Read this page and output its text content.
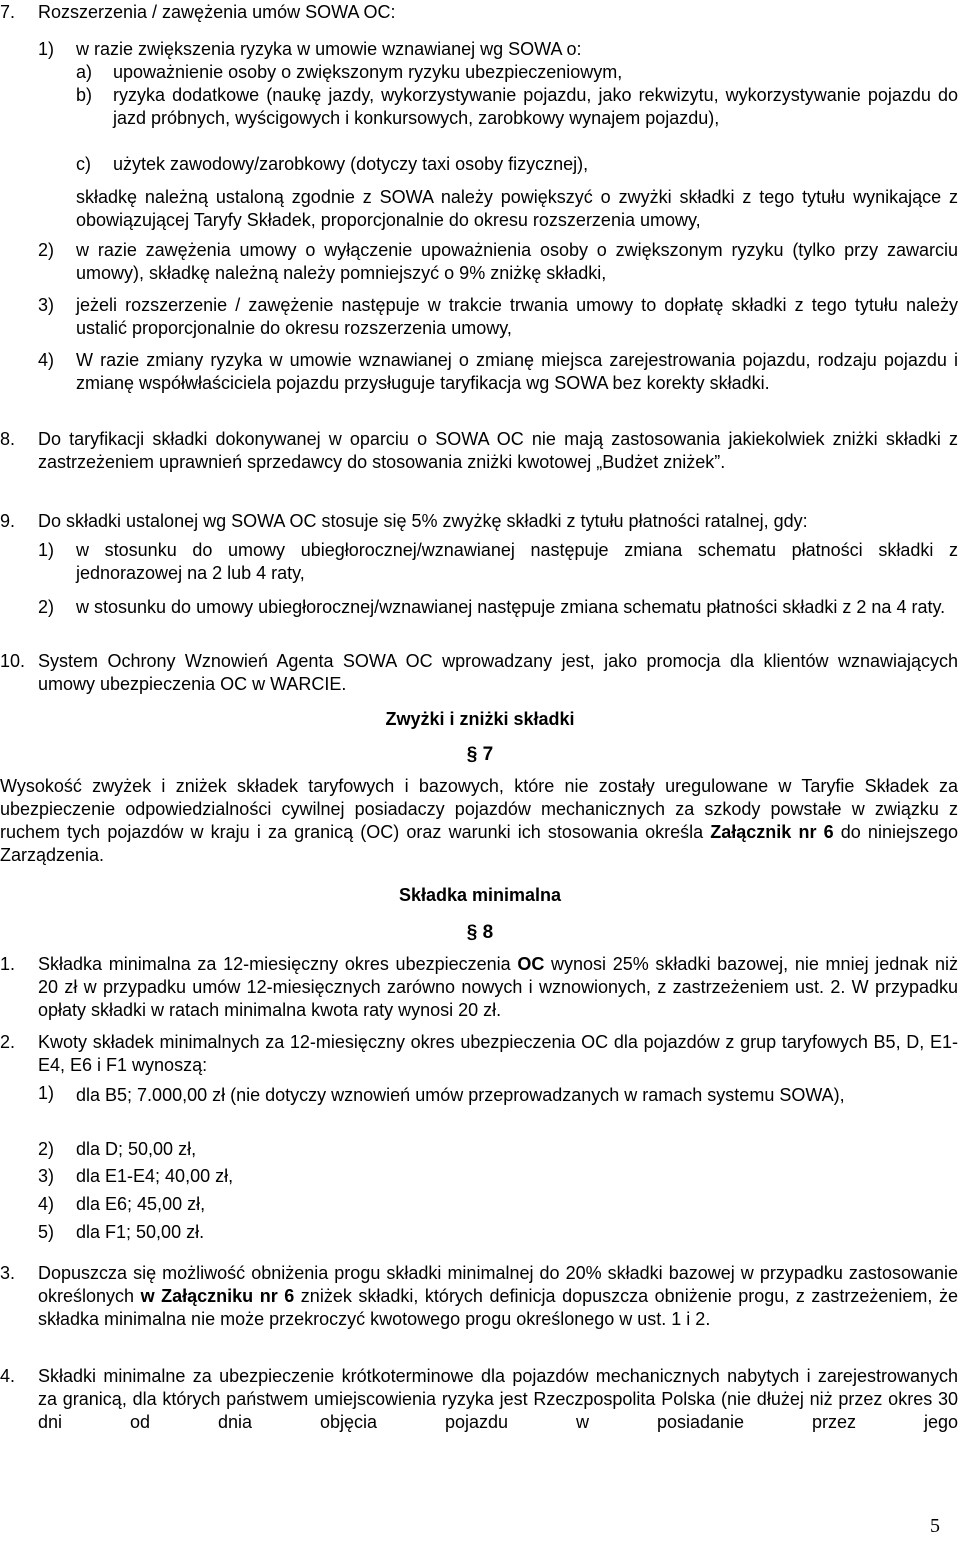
7. Rozszerzenia / zawężenia umów SOWA OC:

1) w razie zwiększenia ryzyka w umowie wznawianej wg SOWA o:

a) upoważnienie osoby o zwiększonym ryzyku ubezpieczeniowym,

b) ryzyka dodatkowe (naukę jazdy, wykorzystywanie pojazdu, jako rekwizytu, wykorzystywanie pojazdu do jazd próbnych, wyścigowych i konkursowych, zarobkowy wynajem pojazdu),

c) użytek zawodowy/zarobkowy (dotyczy taxi osoby fizycznej),

składkę należną ustaloną zgodnie z SOWA należy powiększyć o zwyżki składki z tego tytułu wynikające z obowiązującej Taryfy Składek, proporcjonalnie do okresu rozszerzenia umowy,

2) w razie zawężenia umowy o wyłączenie upoważnienia osoby o zwiększonym ryzyku (tylko przy zawarciu umowy), składkę należną należy pomniejszyć o 9% zniżkę składki,

3) jeżeli rozszerzenie / zawężenie następuje w trakcie trwania umowy to dopłatę składki z tego tytułu należy ustalić proporcjonalnie do okresu rozszerzenia umowy,

4) W razie zmiany ryzyka w umowie wznawianej o zmianę miejsca zarejestrowania pojazdu, rodzaju pojazdu i zmianę współwłaściciela pojazdu przysługuje taryfikacja wg SOWA bez korekty składki.

8. Do taryfikacji składki dokonywanej w oparciu o SOWA OC nie mają zastosowania jakiekolwiek zniżki składki z zastrzeżeniem uprawnień sprzedawcy do stosowania zniżki kwotowej „Budżet zniżek”.

9. Do składki ustalonej wg SOWA OC stosuje się 5% zwyżkę składki z tytułu płatności ratalnej, gdy:

1) w stosunku do umowy ubiegłorocznej/wznawianej następuje zmiana schematu płatności składki z jednorazowej na 2 lub 4 raty,

2) w stosunku do umowy ubiegłorocznej/wznawianej następuje zmiana schematu płatności składki z 2 na 4 raty.

10. System Ochrony Wznowień Agenta SOWA OC wprowadzany jest, jako promocja dla klientów wznawiających umowy ubezpieczenia OC w WARCIE.

Zwyżki i zniżki składki
§ 7

Wysokość zwyżek i zniżek składek taryfowych i bazowych, które nie zostały uregulowane w Taryfie Składek za ubezpieczenie odpowiedzialności cywilnej posiadaczy pojazdów mechanicznych za szkody powstałe w związku z ruchem tych pojazdów w kraju i za granicą (OC) oraz warunki ich stosowania określa Załącznik nr 6 do niniejszego Zarządzenia.

Składka minimalna
§ 8
1. Składka minimalna za 12-miesięczny okres ubezpieczenia OC wynosi 25% składki bazowej, nie mniej jednak niż 20 zł w przypadku umów 12-miesięcznych zarówno nowych i wznowionych, z zastrzeżeniem ust. 2. W przypadku opłaty składki w ratach minimalna kwota raty wynosi 20 zł.

2. Kwoty składek minimalnych za 12-miesięczny okres ubezpieczenia OC dla pojazdów z grup taryfowych B5, D, E1-E4, E6 i F1 wynoszą:

1) dla B5; 7.000,00 zł (nie dotyczy wznowień umów przeprowadzanych w ramach systemu SOWA),

2) dla D; 50,00 zł,

3) dla E1-E4; 40,00 zł,

4) dla E6; 45,00 zł,

5) dla F1; 50,00 zł.

3. Dopuszcza się możliwość obniżenia progu składki minimalnej do 20% składki bazowej w przypadku zastosowanie określonych w Załączniku nr 6 zniżek składki, których definicja dopuszcza obniżenie progu, z zastrzeżeniem, że składka minimalna nie może przekroczyć kwotowego progu określonego w ust. 1 i 2.

4. Składki minimalne za ubezpieczenie krótkoterminowe dla pojazdów mechanicznych nabytych i zarejestrowanych za granicą, dla których państwem umiejscowienia ryzyka jest Rzeczpospolita Polska (nie dłużej niż przez okres 30 dni od dnia objęcia pojazdu w posiadanie przez jego

5
